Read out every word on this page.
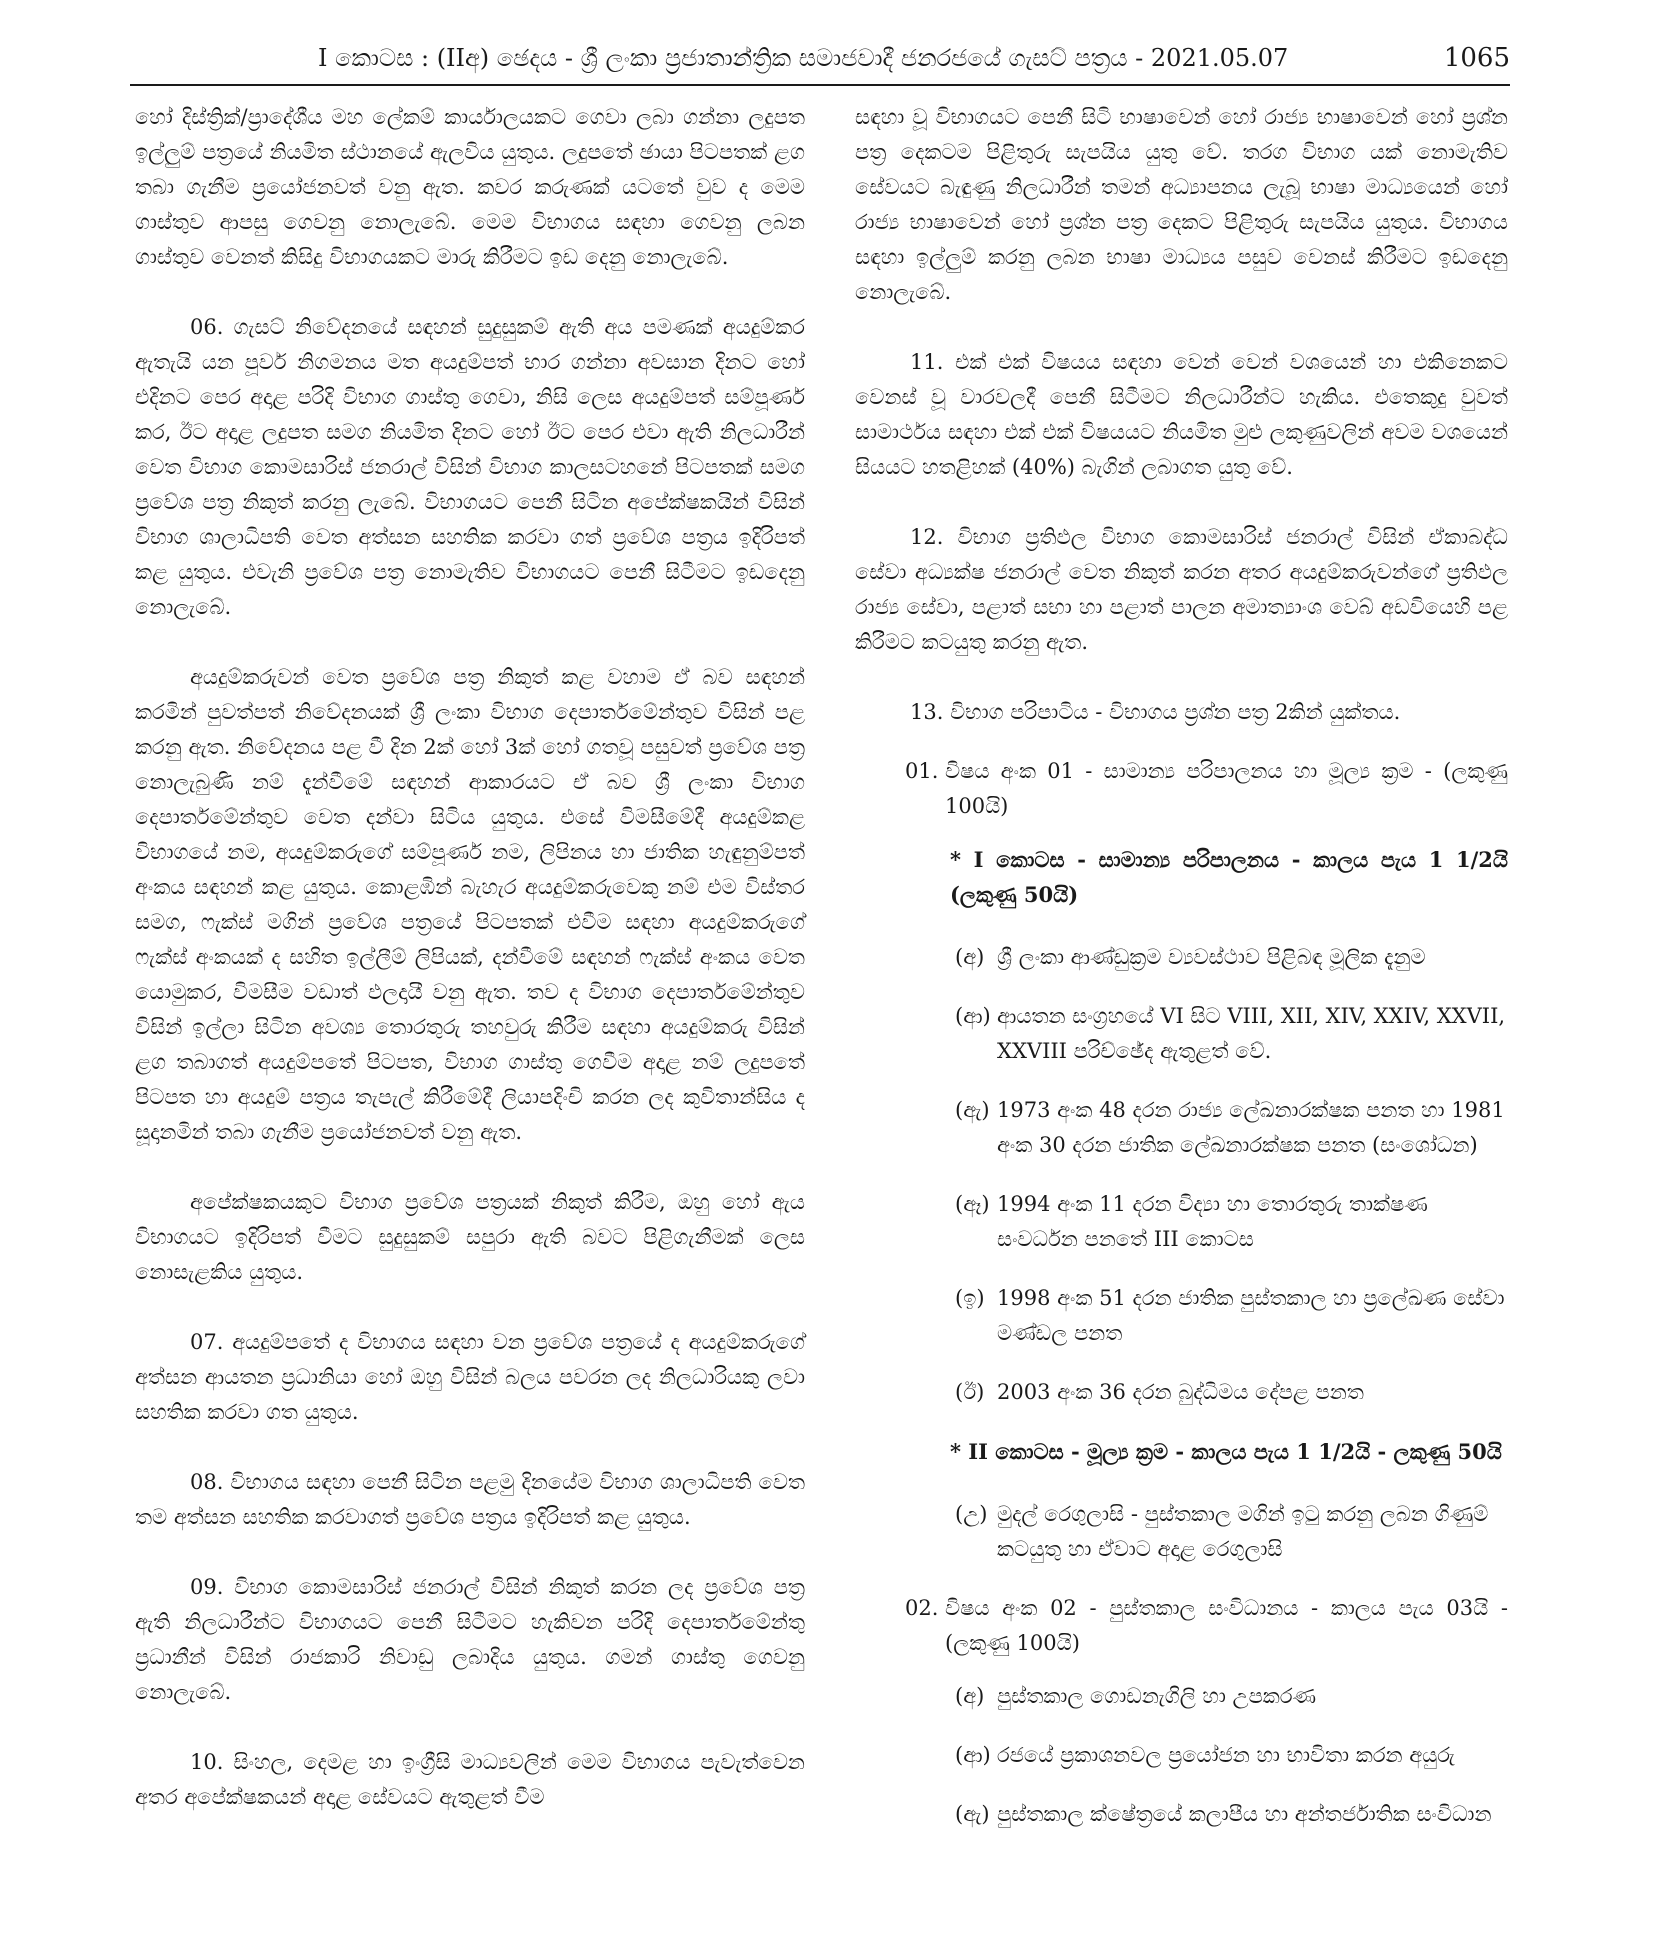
I කොටස : (IIඅ) ඡෙදය - ශ්‍රී ලංකා ප්‍රජාතාන්ත්‍රික සමාජවාදී ජනරජයේ ගැසට් පත්‍රය - 2021.05.07	1065

හෝ දිස්ත්‍රික්/ප්‍රාදේශීය මහ ලේකම් කාර්යාලයකට ගෙවා ලබා ගන්නා ලදුපත ඉල්ලුම් පත්‍රයේ නියමිත ස්ථානයේ ඇලවිය යුතුය. ලදුපතේ ඡායා පිටපතක් ළග තබා ගැනීම ප්‍රයෝජනවත් වනු ඇත. කවර කරුණක් යටතේ වුව ද මෙම ගාස්තුව ආපසු ගෙවනු නොලැබේ. මෙම විභාගය සඳහා ගෙවනු ලබන ගාස්තුව වෙනත් කිසිදු විභාගයකට මාරු කිරීමට ඉඩ දෙනු නොලැබේ.

06. ගැසට් නිවේදනයේ සඳහන් සුදුසුකම් ඇති අය පමණක් අයදුම්කර ඇතැයි යන පූර්ව නිගමනය මත අයදුම්පත් භාර ගන්නා අවසාන දිනට හෝ එදිනට පෙර අදාළ පරිදි විභාග ගාස්තු ගෙවා, නිසි ලෙස අයදුම්පත් සම්පූර්ණ කර, ඊට අදාළ ලදුපත සමග නියමිත දිනට හෝ ඊට පෙර එවා ඇති නිලධාරීන් වෙත විභාග කොමසාරිස් ජනරාල් විසින් විභාග කාලසටහනේ පිටපතක් සමග ප්‍රවේශ පත්‍ර නිකුත් කරනු ලැබේ. විභාගයට පෙනී සිටින අපේක්ෂකයින් විසින් විභාග ශාලාධිපති වෙත අත්සන සහතික කරවා ගත් ප්‍රවේශ පත්‍රය ඉදිරිපත් කළ යුතුය. එවැනි ප්‍රවේශ පත්‍ර නොමැතිව විභාගයට පෙනී සිටීමට ඉඩදෙනු නොලැබේ.

අයදුම්කරුවන් වෙත ප්‍රවේශ පත්‍ර නිකුත් කළ වහාම ඒ බව සඳහන් කරමින් පුවත්පත් නිවේදනයක් ශ්‍රී ලංකා විභාග දෙපාර්තමේන්තුව විසින් පළ කරනු ඇත. නිවේදනය පළ වී දින 2ක් හෝ 3ක් හෝ ගතවූ පසුවත් ප්‍රවේශ පත්‍ර නොලැබුණි නම් දැන්වීමේ සඳහන් ආකාරයට ඒ බව ශ්‍රී ලංකා විභාග දෙපාර්තමේන්තුව වෙත දන්වා සිටිය යුතුය. එසේ විමසීමේදී අයදුම්කළ විභාගයේ නම, අයදුම්කරුගේ සම්පූර්ණ නම, ලිපිනය හා ජාතික හැඳුනුම්පත් අංකය සඳහන් කළ යුතුය. කොළඹින් බැහැර අයදුම්කරුවෙකු නම් එම විස්තර සමග, ෆැක්ස් මගින් ප්‍රවේශ පත්‍රයේ පිටපතක් එවීම සඳහා අයදුම්කරුගේ ෆැක්ස් අංකයක් ද සහිත ඉල්ලීම් ලිපියක්, දන්වීමේ සඳහන් ෆැක්ස් අංකය වෙත යොමුකර, විමසීම වඩාත් ඵලදායී වනු ඇත. තව ද විභාග දෙපාර්තමේන්තුව විසින් ඉල්ලා සිටින අවශ්‍ය තොරතුරු තහවුරු කිරීම සඳහා අයදුම්කරු විසින් ළග තබාගත් අයදුම්පතේ පිටපත, විභාග ගාස්තු ගෙවීම අදාළ නම් ලදුපතේ පිටපත හා අයදුම් පත්‍රය තැපැල් කිරීමේදී ලියාපදිංචි කරන ලද කුවිතාන්සිය ද සූදානමින් තබා ගැනීම ප්‍රයෝජනවත් වනු ඇත.

අපේක්ෂකයකුට විභාග ප්‍රවේශ පත්‍රයක් නිකුත් කිරීම, ඔහු හෝ ඇය විභාගයට ඉදිරිපත් වීමට සුදුසුකම් සපුරා ඇති බවට පිළිගැනීමක් ලෙස නොසැළකිය යුතුය.

07. අයදුම්පතේ ද විභාගය සඳහා වන ප්‍රවේශ පත්‍රයේ ද අයදුම්කරුගේ අත්සන ආයතන ප්‍රධානියා හෝ ඔහු විසින් බලය පවරන ලද නිලධාරියකු ලවා සහතික කරවා ගත යුතුය.

08. විභාගය සඳහා පෙනී සිටින පළමු දිනයේම විභාග ශාලාධිපති වෙත තම අත්සන සහතික කරවාගත් ප්‍රවේශ පත්‍රය ඉදිරිපත් කළ යුතුය.

09. විභාග කොමසාරිස් ජනරාල් විසින් නිකුත් කරන ලද ප්‍රවේශ පත්‍ර ඇති නිලධාරීන්ට විභාගයට පෙනී සිටීමට හැකිවන පරිදි දෙපාර්තමේන්තු ප්‍රධානීන් විසින් රාජකාරි නිවාඩු ලබාදිය යුතුය. ගමන් ගාස්තු ගෙවනු නොලැබේ.

10. සිංහල, දෙමළ හා ඉංග්‍රීසි මාධ්‍යවලින් මෙම විභාගය පැවැත්වෙන අතර අපේක්ෂකයන් අදාළ සේවයට ඇතුළත් වීම

සඳහා වූ විභාගයට පෙනී සිටි භාෂාවෙන් හෝ රාජ්‍ය භාෂාවෙන් හෝ ප්‍රශ්න පත්‍ර දෙකටම පිළිතුරු සැපයිය යුතු වේ. තරග විභාග යක් නොමැතිව සේවයට බැඳුණු නිලධාරීන් තමන් අධ්‍යාපනය ලැබූ භාෂා මාධ්‍යයෙන් හෝ රාජ්‍ය භාෂාවෙන් හෝ ප්‍රශ්න පත්‍ර දෙකට පිළිතුරු සැපයිය යුතුය. විභාගය සඳහා ඉල්ලුම් කරනු ලබන භාෂා මාධ්‍යය පසුව වෙනස් කිරීමට ඉඩදෙනු නොලැබේ.

11. එක් එක් විෂයය සඳහා වෙන් වෙන් වශයෙන් හා එකිනෙකට වෙනස් වූ වාරවලදී පෙනී සිටීමට නිලධාරීන්ට හැකිය. එතෙකුදු වුවත් සාමාර්ථය සඳහා එක් එක් විෂයයට නියමිත මුළු ලකුණුවලින් අවම වශයෙන් සියයට හතළිහක් (40%) බැගින් ලබාගත යුතු වේ.

12. විභාග ප්‍රතිඵල විභාග කොමසාරිස් ජනරාල් විසින් ඒකාබද්ධ සේවා අධ්‍යක්ෂ ජනරාල් වෙත නිකුත් කරන අතර අයදුම්කරුවන්ගේ ප්‍රතිඵල රාජ්‍ය සේවා, පළාත් සභා හා පළාත් පාලන අමාත්‍යාංශ වෙබ් අඩවියෙහි පළ කිරීමට කටයුතු කරනු ඇත.

13. විභාග පරිපාටිය - විභාගය ප්‍රශ්න පත්‍ර 2කින් යුක්තය.

01. විෂය අංක 01 - සාමාන්‍ය පරිපාලනය හා මූල්‍ය ක්‍රම - (ලකුණු 100යි)

* I කොටස - සාමාන්‍ය පරිපාලනය - කාලය පැය 1 1/2යි (ලකුණු 50යි)

(අ) ශ්‍රී ලංකා ආණ්ඩුක්‍රම ව්‍යවස්ථාව පිළිබඳ මූලික දැනුම

(ආ) ආයතන සංග්‍රහයේ VI සිට VIII, XII, XIV, XXIV, XXVII, XXVIII පරිච්ඡේද ඇතුළත් වේ.

(ඇ) 1973 අංක 48 දරන රාජ්‍ය ලේඛනාරක්ෂක පනත හා 1981 අංක 30 දරන ජාතික ලේඛනාරක්ෂක පනත (සංශෝධන)

(ඈ) 1994 අංක 11 දරන විද්‍යා හා තොරතුරු තාක්ෂණ සංවර්ධන පනතේ III කොටස

(ඉ) 1998 අංක 51 දරන ජාතික පුස්තකාල හා ප්‍රලේඛණ සේවා මණ්ඩල පනත

(ඊ) 2003 අංක 36 දරන බුද්ධිමය දේපළ පනත

* II කොටස - මූල්‍ය ක්‍රම - කාලය පැය 1 1/2යි - ලකුණු 50යි

(උ) මුදල් රෙගුලාසි - පුස්තකාල මගින් ඉටු කරනු ලබන ගිණුම් කටයුතු හා ඒවාට අදාළ රෙගුලාසි

02. විෂය අංක 02 - පුස්තකාල සංවිධානය - කාලය පැය 03යි - (ලකුණු 100යි)

(අ) පුස්තකාල ගොඩනැගිලි හා උපකරණ

(ආ) රජයේ ප්‍රකාශනවල ප්‍රයෝජන හා භාවිතා කරන අයුරු

(ඇ) පුස්තකාල ක්ෂේත්‍රයේ කලාපීය හා අන්තර්ජාතික සංවිධාන
